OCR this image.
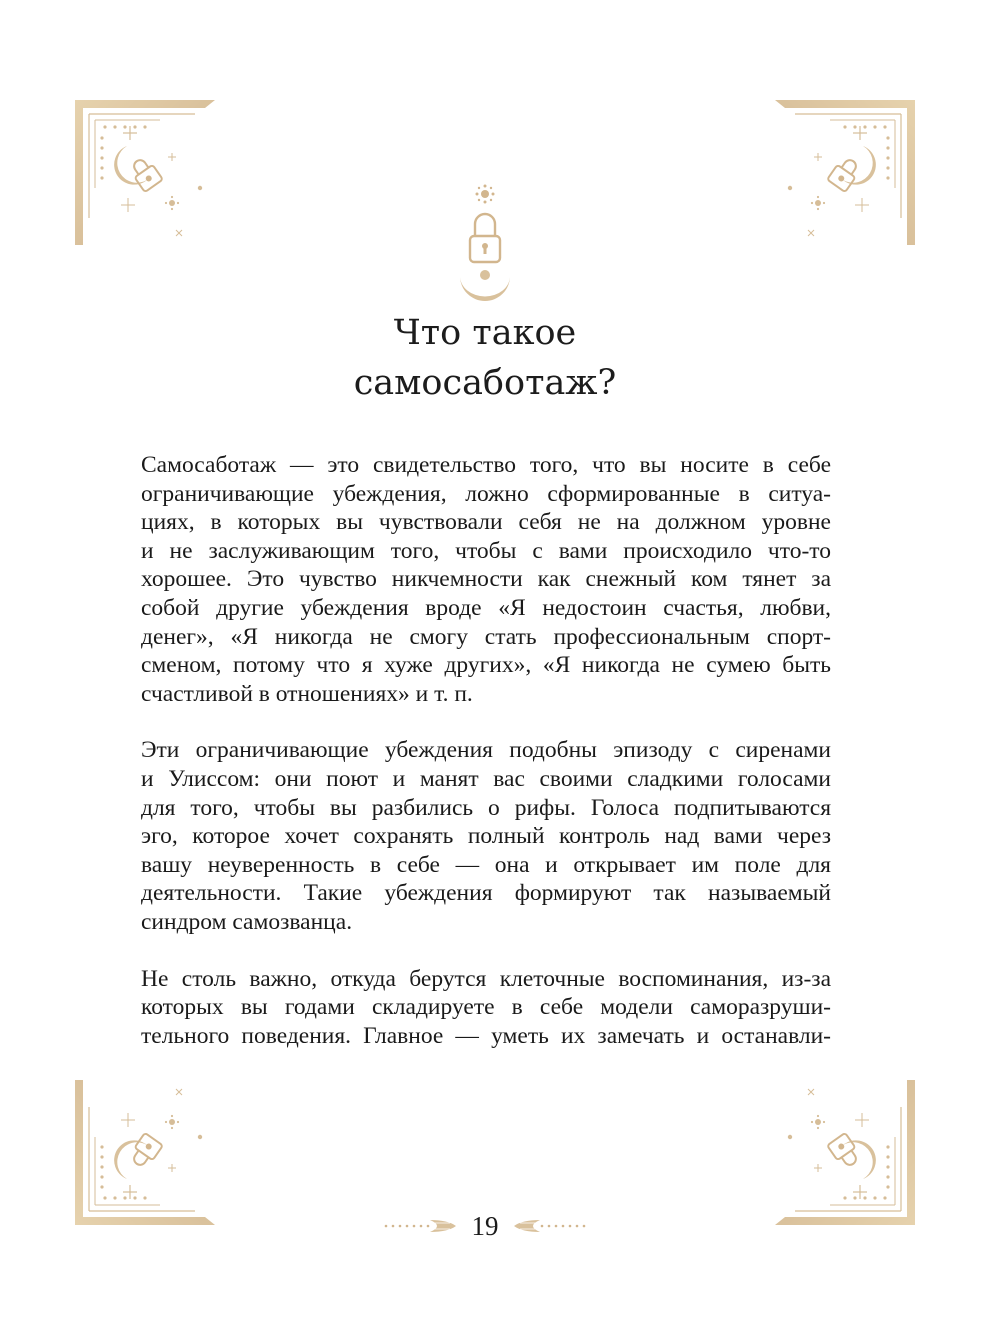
Что такое
самосаботаж?
Самосаботаж — это свидетельство того, что вы носите в себе
ограничивающие убеждения, ложно сформированные в ситуа-
циях, в которых вы чувствовали себя не на должном уровне
и не заслуживающим того, чтобы с вами происходило что-то
хорошее. Это чувство никчемности как снежный ком тянет за
собой другие убеждения вроде «Я недостоин счастья, любви,
денег», «Я никогда не смогу стать профессиональным спорт-
сменом, потому что я хуже других», «Я никогда не сумею быть
счастливой в отношениях» и т. п.
Эти ограничивающие убеждения подобны эпизоду с сиренами
и Улиссом: они поют и манят вас своими сладкими голосами
для того, чтобы вы разбились о рифы. Голоса подпитываются
эго, которое хочет сохранять полный контроль над вами через
вашу неуверенность в себе — она и открывает им поле для
деятельности. Такие убеждения формируют так называемый
синдром самозванца.
Не столь важно, откуда берутся клеточные воспоминания, из-за
которых вы годами складируете в себе модели саморазруши-
тельного поведения. Главное — уметь их замечать и останавли-
19
